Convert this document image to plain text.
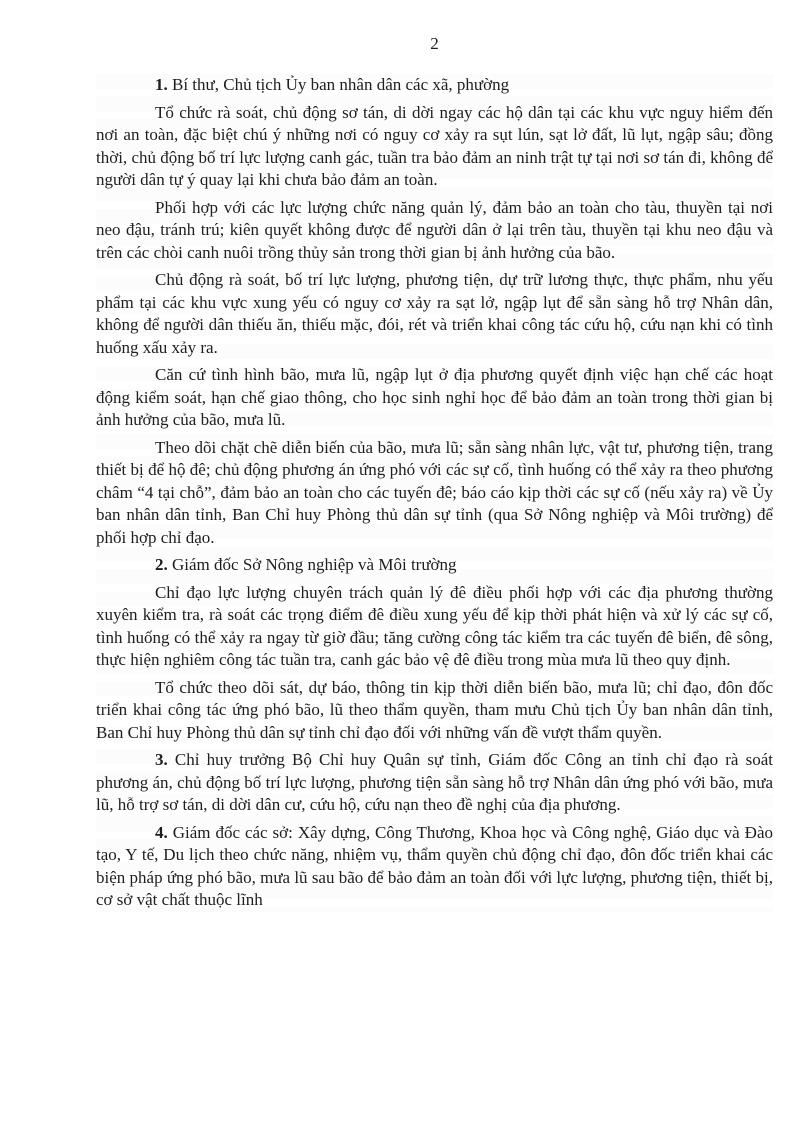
2

1. Bí thư, Chủ tịch Ủy ban nhân dân các xã, phường

Tổ chức rà soát, chủ động sơ tán, di dời ngay các hộ dân tại các khu vực nguy hiểm đến nơi an toàn, đặc biệt chú ý những nơi có nguy cơ xảy ra sụt lún, sạt lở đất, lũ lụt, ngập sâu; đồng thời, chủ động bố trí lực lượng canh gác, tuần tra bảo đảm an ninh trật tự tại nơi sơ tán đi, không để người dân tự ý quay lại khi chưa bảo đảm an toàn.

Phối hợp với các lực lượng chức năng quản lý, đảm bảo an toàn cho tàu, thuyền tại nơi neo đậu, tránh trú; kiên quyết không được để người dân ở lại trên tàu, thuyền tại khu neo đậu và trên các chòi canh nuôi trồng thủy sản trong thời gian bị ảnh hưởng của bão.

Chủ động rà soát, bố trí lực lượng, phương tiện, dự trữ lương thực, thực phẩm, nhu yếu phẩm tại các khu vực xung yếu có nguy cơ xảy ra sạt lở, ngập lụt để sẵn sàng hỗ trợ Nhân dân, không để người dân thiếu ăn, thiếu mặc, đói, rét và triển khai công tác cứu hộ, cứu nạn khi có tình huống xấu xảy ra.

Căn cứ tình hình bão, mưa lũ, ngập lụt ở địa phương quyết định việc hạn chế các hoạt động kiểm soát, hạn chế giao thông, cho học sinh nghỉ học để bảo đảm an toàn trong thời gian bị ảnh hưởng của bão, mưa lũ.

Theo dõi chặt chẽ diễn biến của bão, mưa lũ; sẵn sàng nhân lực, vật tư, phương tiện, trang thiết bị để hộ đê; chủ động phương án ứng phó với các sự cố, tình huống có thể xảy ra theo phương châm “4 tại chỗ”, đảm bảo an toàn cho các tuyến đê; báo cáo kịp thời các sự cố (nếu xảy ra) về Ủy ban nhân dân tỉnh, Ban Chỉ huy Phòng thủ dân sự tỉnh (qua Sở Nông nghiệp và Môi trường) để phối hợp chỉ đạo.

2. Giám đốc Sở Nông nghiệp và Môi trường

Chỉ đạo lực lượng chuyên trách quản lý đê điều phối hợp với các địa phương thường xuyên kiểm tra, rà soát các trọng điểm đê điều xung yếu để kịp thời phát hiện và xử lý các sự cố, tình huống có thể xảy ra ngay từ giờ đầu; tăng cường công tác kiểm tra các tuyến đê biển, đê sông, thực hiện nghiêm công tác tuần tra, canh gác bảo vệ đê điều trong mùa mưa lũ theo quy định.

Tổ chức theo dõi sát, dự báo, thông tin kịp thời diễn biến bão, mưa lũ; chỉ đạo, đôn đốc triển khai công tác ứng phó bão, lũ theo thẩm quyền, tham mưu Chủ tịch Ủy ban nhân dân tỉnh, Ban Chỉ huy Phòng thủ dân sự tỉnh chỉ đạo đối với những vấn đề vượt thẩm quyền.

3. Chỉ huy trưởng Bộ Chỉ huy Quân sự tỉnh, Giám đốc Công an tỉnh chỉ đạo rà soát phương án, chủ động bố trí lực lượng, phương tiện sẵn sàng hỗ trợ Nhân dân ứng phó với bão, mưa lũ, hỗ trợ sơ tán, di dời dân cư, cứu hộ, cứu nạn theo đề nghị của địa phương.

4. Giám đốc các sở: Xây dựng, Công Thương, Khoa học và Công nghệ, Giáo dục và Đào tạo, Y tế, Du lịch theo chức năng, nhiệm vụ, thẩm quyền chủ động chỉ đạo, đôn đốc triển khai các biện pháp ứng phó bão, mưa lũ sau bão để bảo đảm an toàn đối với lực lượng, phương tiện, thiết bị, cơ sở vật chất thuộc lĩnh
